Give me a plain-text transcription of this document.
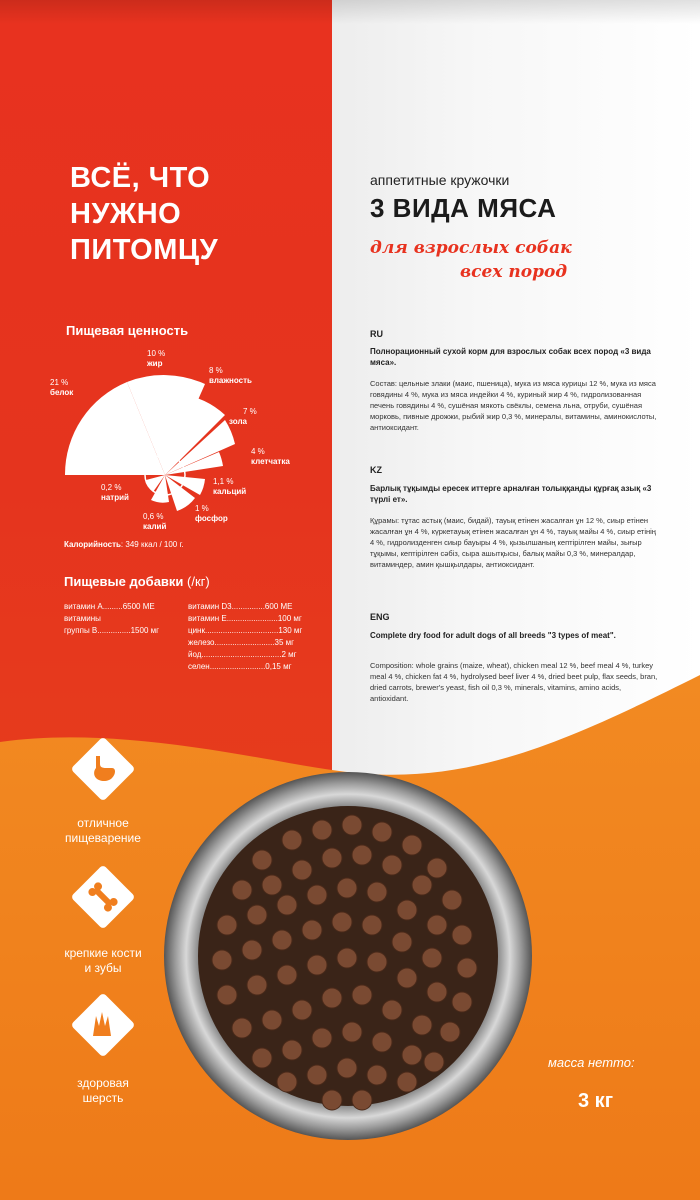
ВСЁ, ЧТО
НУЖНО
ПИТОМЦУ
Пищевая ценность
21 %
белок
10 %
жир
8 %
влажность
7 %
зола
4 %
клетчатка
1,1 %
кальций
1 %
фосфор
0,6 %
калий
0,2 %
натрий
Калорийность: 349 ккал / 100 г.
Пищевые добавки (/кг)
витамин A.........6500 МЕ
витамины
группы B...............1500 мг
витамин D3...............600 МЕ
витамин E.......................100 мг
цинк.................................130 мг
железо...........................35 мг
йод....................................2 мг
селен.........................0,15 мг
отличное
пищеварение
крепкие кости
и зубы
здоровая
шерсть
аппетитные кружочки
3 ВИДА МЯСА
для взрослых собак
всех пород
RU
Полнорационный сухой корм для взрослых собак всех пород «3 вида мяса».
Состав: цельные злаки (маис, пшеница), мука из мяса курицы 12 %, мука из мяса говядины 4 %, мука из мяса индейки 4 %, куриный жир 4 %, гидролизованная печень говядины 4 %, сушёная мякоть свёклы, семена льна, отруби, сушёная морковь, пивные дрожжи, рыбий жир 0,3 %, минералы, витамины, аминокислоты, антиоксидант.
KZ
Барлық тұқымды ересек иттерге арналған толыққанды құрғақ азық «3 түрлі ет».
Құрамы: тұтас астық (маис, бидай), тауық етінен жасалған ұн 12 %, сиыр етінен жасалған ұн 4 %, күркетауық етінен жасалған ұн 4 %, тауық майы 4 %, сиыр етінің 4 %, гидролизденген сиыр бауыры 4 %, қызылшаның кептірілген майы, зығыр тұқымы, кептірілген сәбіз, сыра ашытқысы, балық майы 0,3 %, минералдар, витаминдер, амин қышқылдары, антиоксидант.
ENG
Complete dry food for adult dogs of all breeds "3 types of meat".
Composition: whole grains (maize, wheat), chicken meal 12 %, beef meal 4 %, turkey meal 4 %, chicken fat 4 %, hydrolysed beef liver 4 %, dried beet pulp, flax seeds, bran, dried carrots, brewer's yeast, fish oil 0,3 %, minerals, vitamins, amino acids, antioxidant.
масса нетто:
3 кг
